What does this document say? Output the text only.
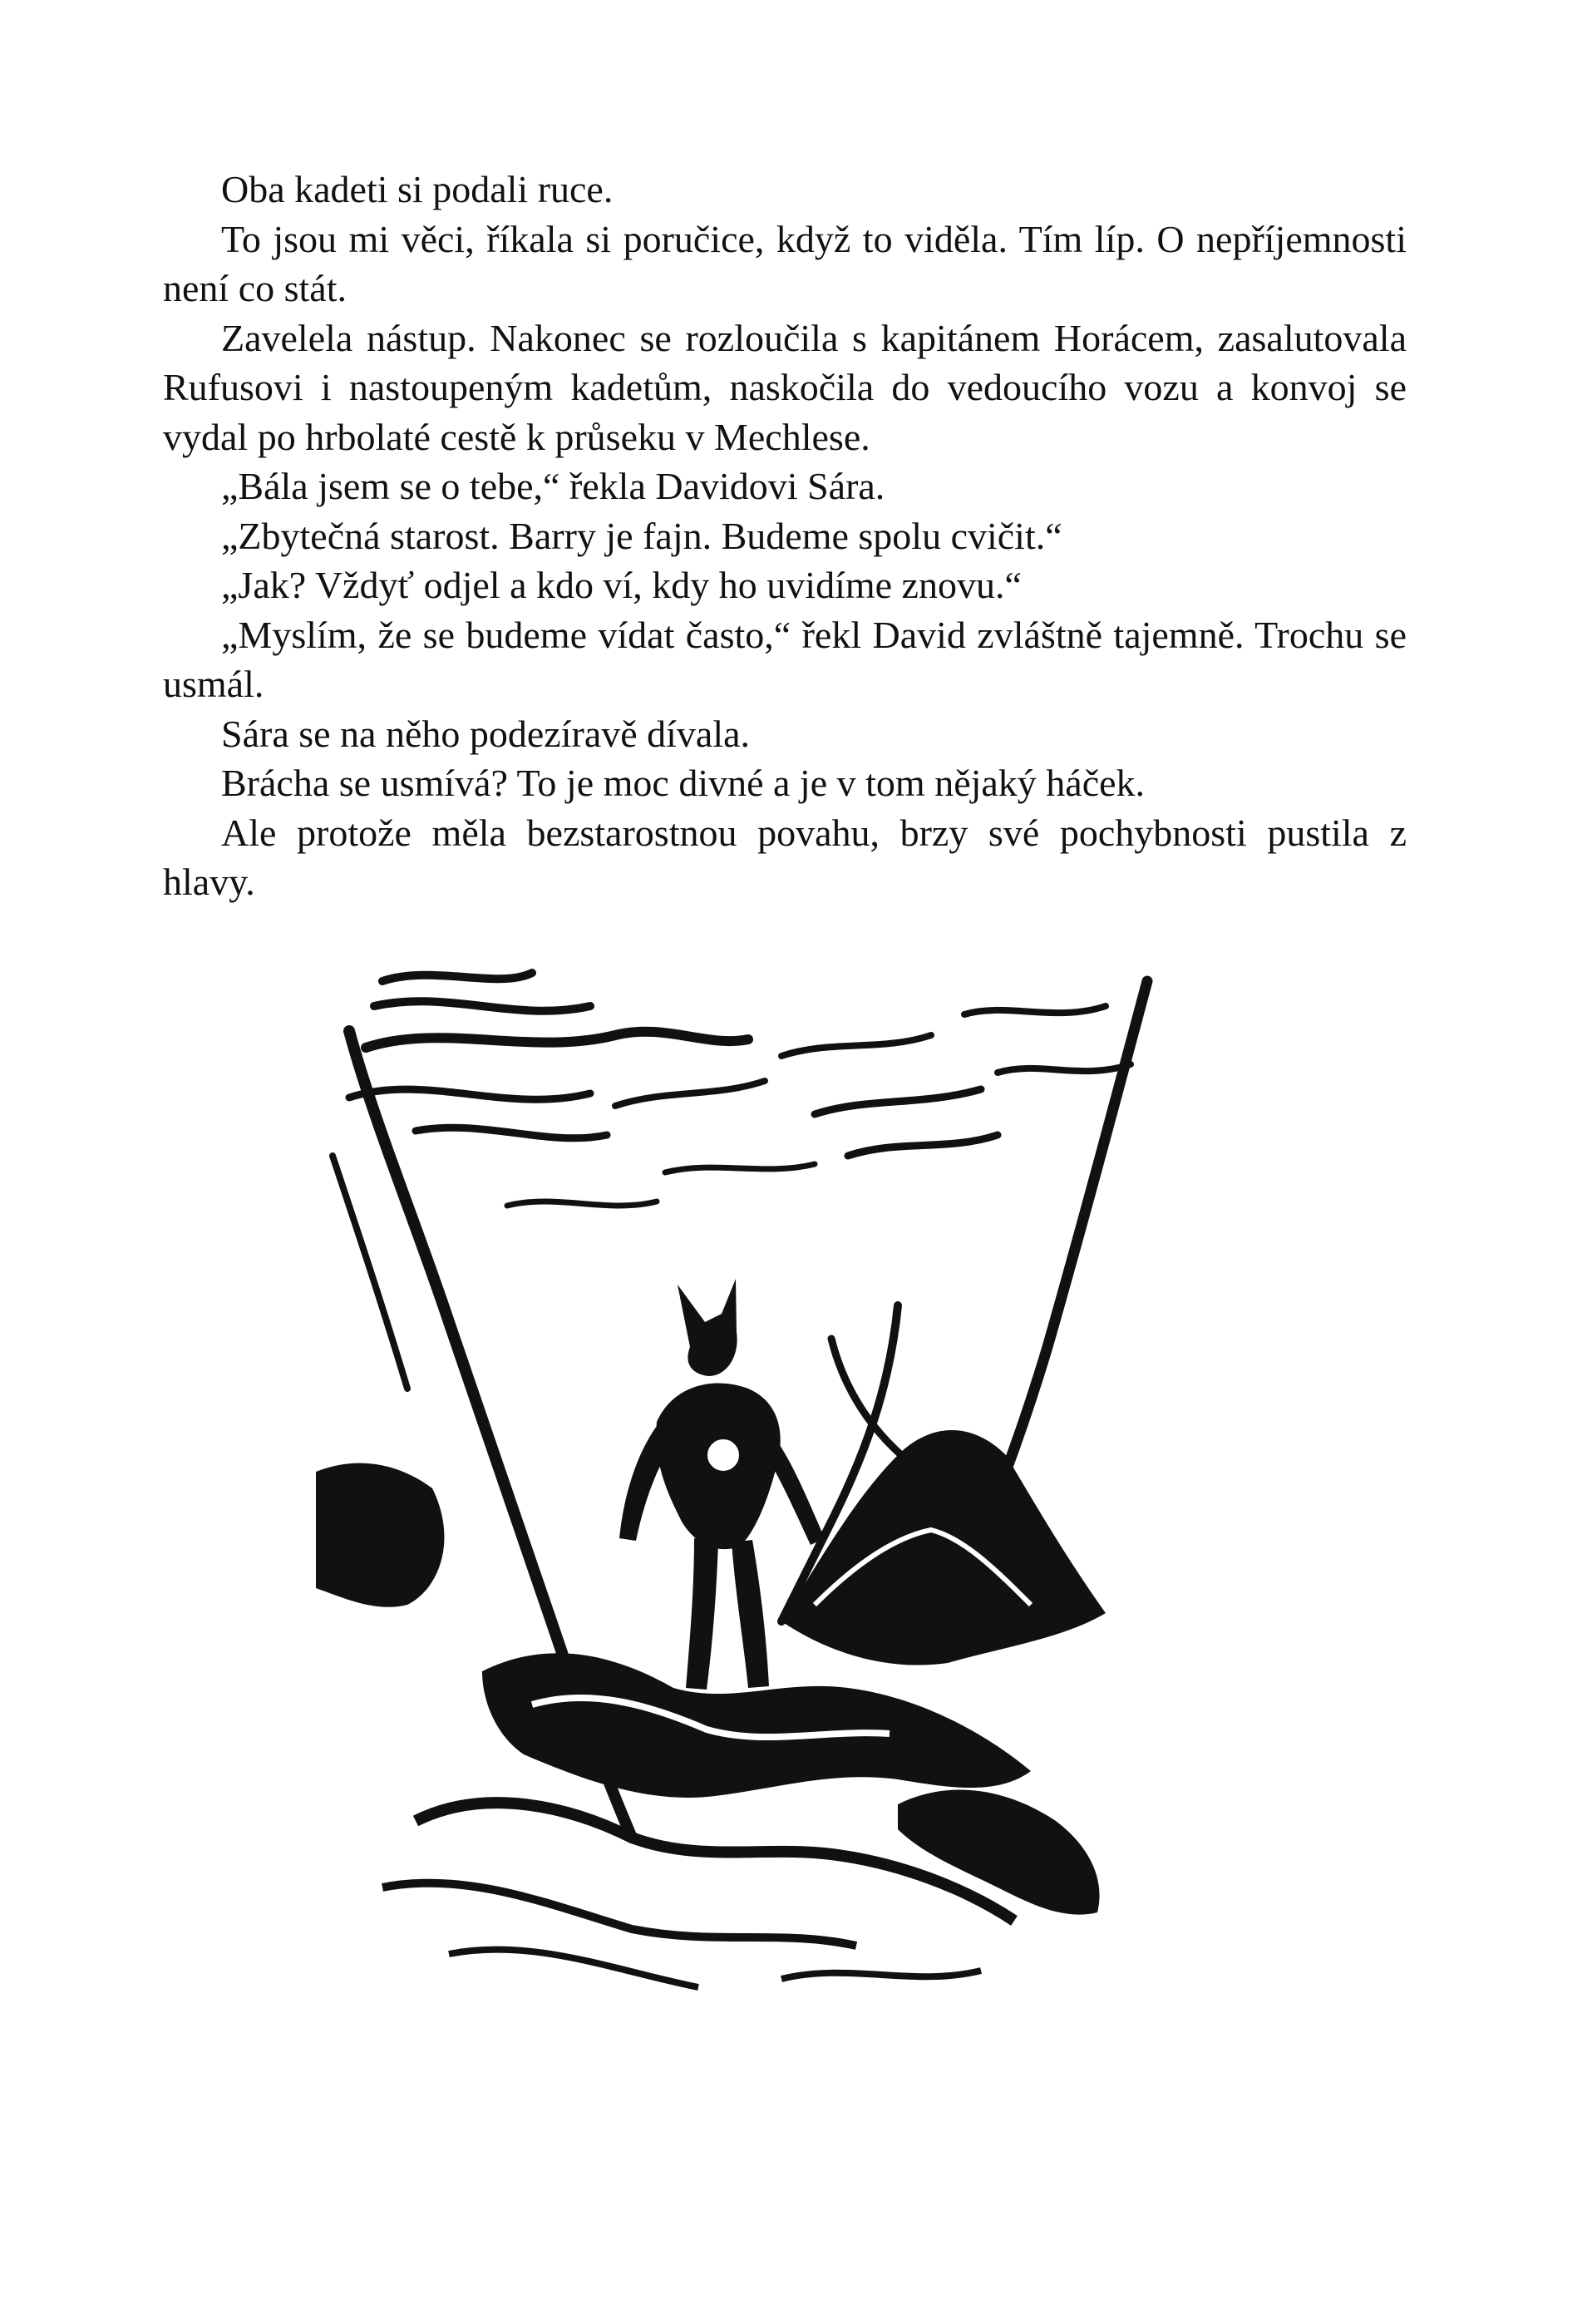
Oba kadeti si podali ruce.

To jsou mi věci, říkala si poručice, když to viděla. Tím líp. O nepříjemnosti není co stát.

Zavelela nástup. Nakonec se rozloučila s kapitánem Horácem, zasalutovala Rufusovi i nastoupeným kadetům, naskočila do vedoucího vozu a konvoj se vydal po hrbolaté cestě k průseku v Mechlese.

„Bála jsem se o tebe,“ řekla Davidovi Sára.

„Zbytečná starost. Barry je fajn. Budeme spolu cvičit.“

„Jak? Vždyť odjel a kdo ví, kdy ho uvidíme znovu.“

„Myslím, že se budeme vídat často,“ řekl David zvláštně tajemně. Trochu se usmál.

Sára se na něho podezíravě dívala.

Brácha se usmívá? To je moc divné a je v tom nějaký háček.

Ale protože měla bezstarostnou povahu, brzy své pochybnosti pustila z hlavy.
